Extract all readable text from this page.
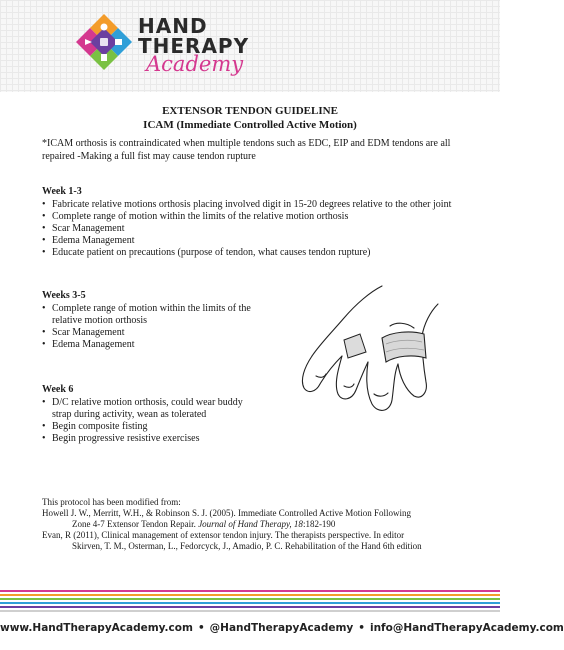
HAND
THERAPY
Academy
EXTENSOR TENDON GUIDELINE
ICAM (Immediate Controlled Active Motion)
*ICAM orthosis is contraindicated when multiple tendons such as EDC, EIP and EDM tendons are all repaired -Making a full fist may cause tendon rupture
Week 1-3
• Fabricate relative motions orthosis placing involved digit in 15-20 degrees relative to the other joint
• Complete range of motion within the limits of the relative motion orthosis
• Scar Management
• Edema Management
• Educate patient on precautions (purpose of tendon, what causes tendon rupture)
Weeks 3-5
• Complete range of motion within the limits of the relative motion orthosis
• Scar Management
• Edema Management
Week 6
• D/C relative motion orthosis, could wear buddy strap during activity, wean as tolerated
• Begin composite fisting
• Begin progressive resistive exercises
This protocol has been modified from:
Howell J. W., Merritt, W.H., & Robinson S. J. (2005). Immediate Controlled Active Motion Following
Zone 4-7 Extensor Tendon Repair. Journal of Hand Therapy, 18:182-190
Evan, R (2011), Clinical management of extensor tendon injury. The therapists perspective. In editor
Skirven, T. M., Osterman, L., Fedorcyck, J., Amadio, P. C. Rehabilitation of the Hand 6th edition
www.HandTherapyAcademy.com • @HandTherapyAcademy • info@HandTherapyAcademy.com
